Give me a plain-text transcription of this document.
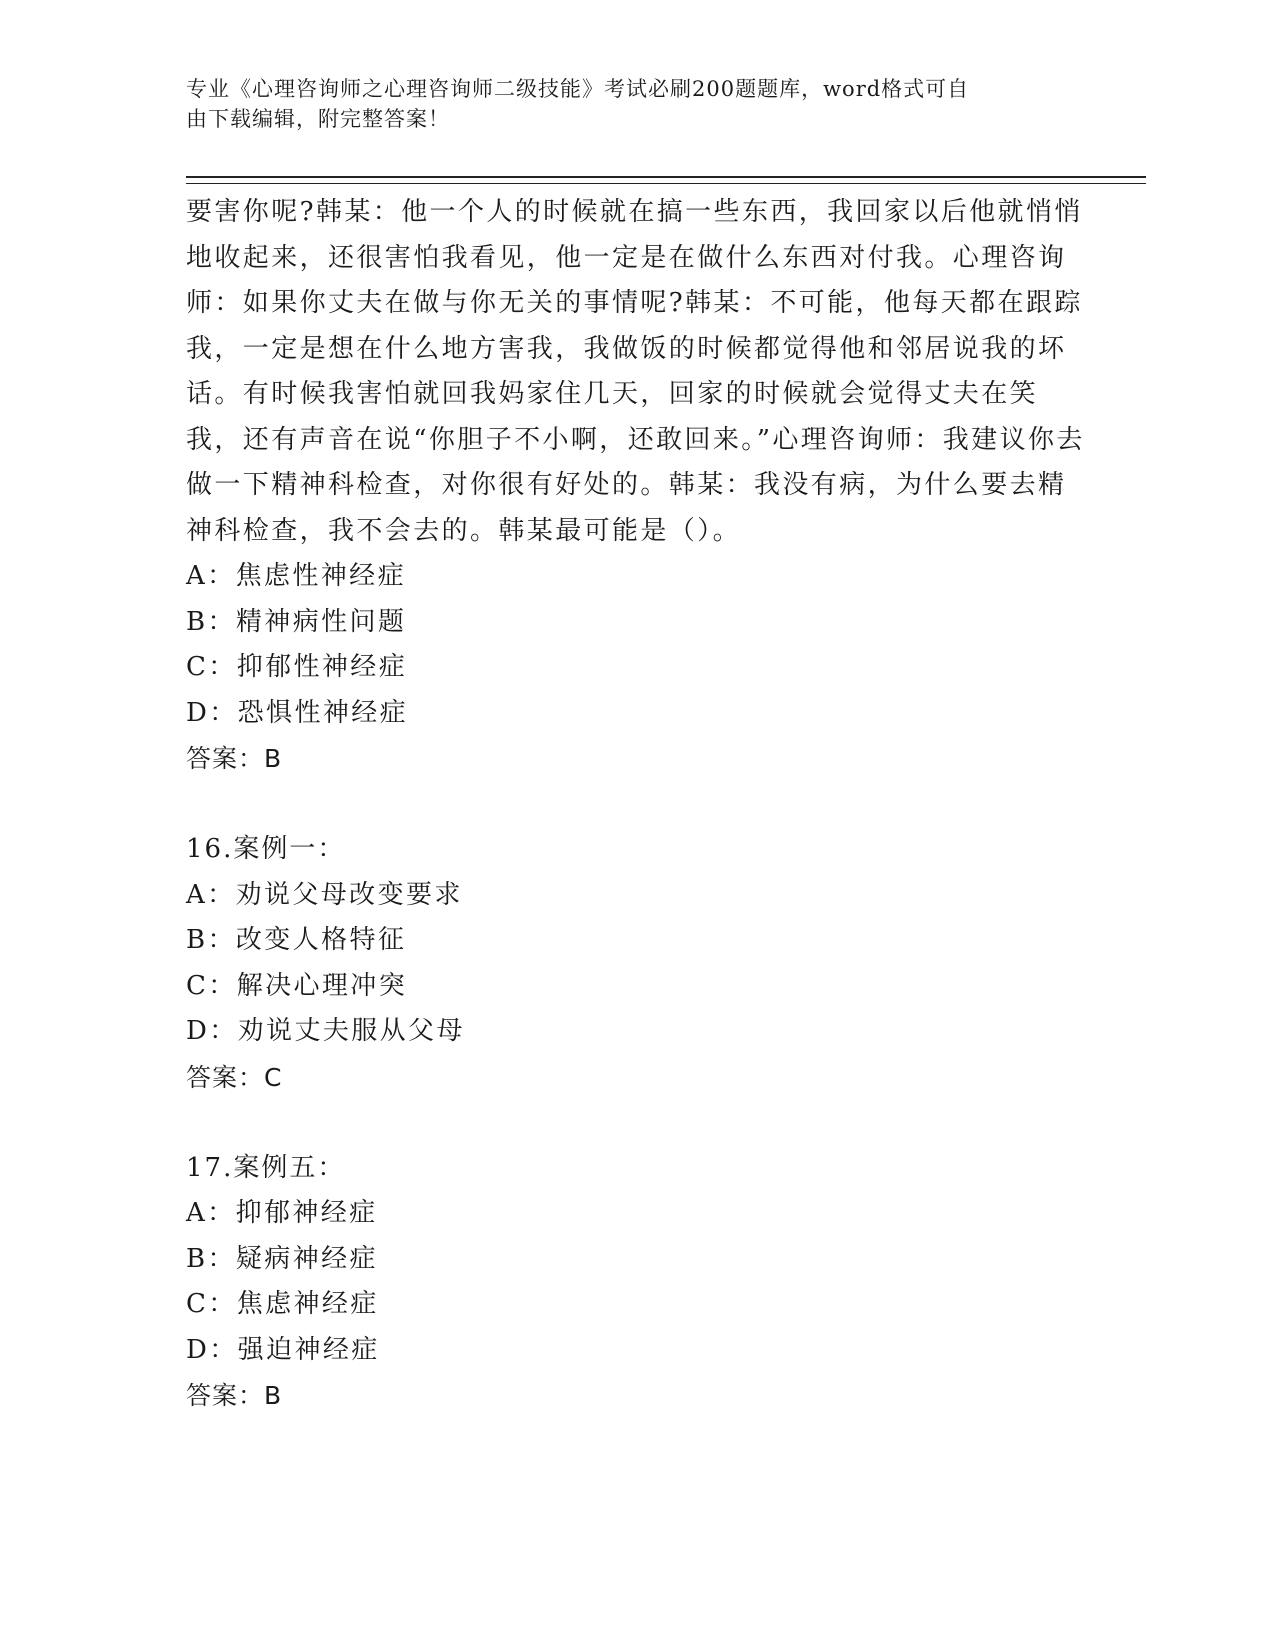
专业《心理咨询师之心理咨询师二级技能》考试必刷200题题库，word格式可自
由下载编辑，附完整答案！

要害你呢?韩某：他一个人的时候就在搞一些东西，我回家以后他就悄悄地收起来，还很害怕我看见，他一定是在做什么东西对付我。心理咨询师：如果你丈夫在做与你无关的事情呢?韩某：不可能，他每天都在跟踪我，一定是想在什么地方害我，我做饭的时候都觉得他和邻居说我的坏话。有时候我害怕就回我妈家住几天，回家的时候就会觉得丈夫在笑我，还有声音在说“你胆子不小啊，还敢回来。”心理咨询师：我建议你去做一下精神科检查，对你很有好处的。韩某：我没有病，为什么要去精神科检查，我不会去的。韩某最可能是（）。

A：焦虑性神经症
B：精神病性问题
C：抑郁性神经症
D：恐惧性神经症
答案：B
16.案例一：
A：劝说父母改变要求
B：改变人格特征
C：解决心理冲突
D：劝说丈夫服从父母
答案：C
17.案例五：
A：抑郁神经症
B：疑病神经症
C：焦虑神经症
D：强迫神经症
答案：B
